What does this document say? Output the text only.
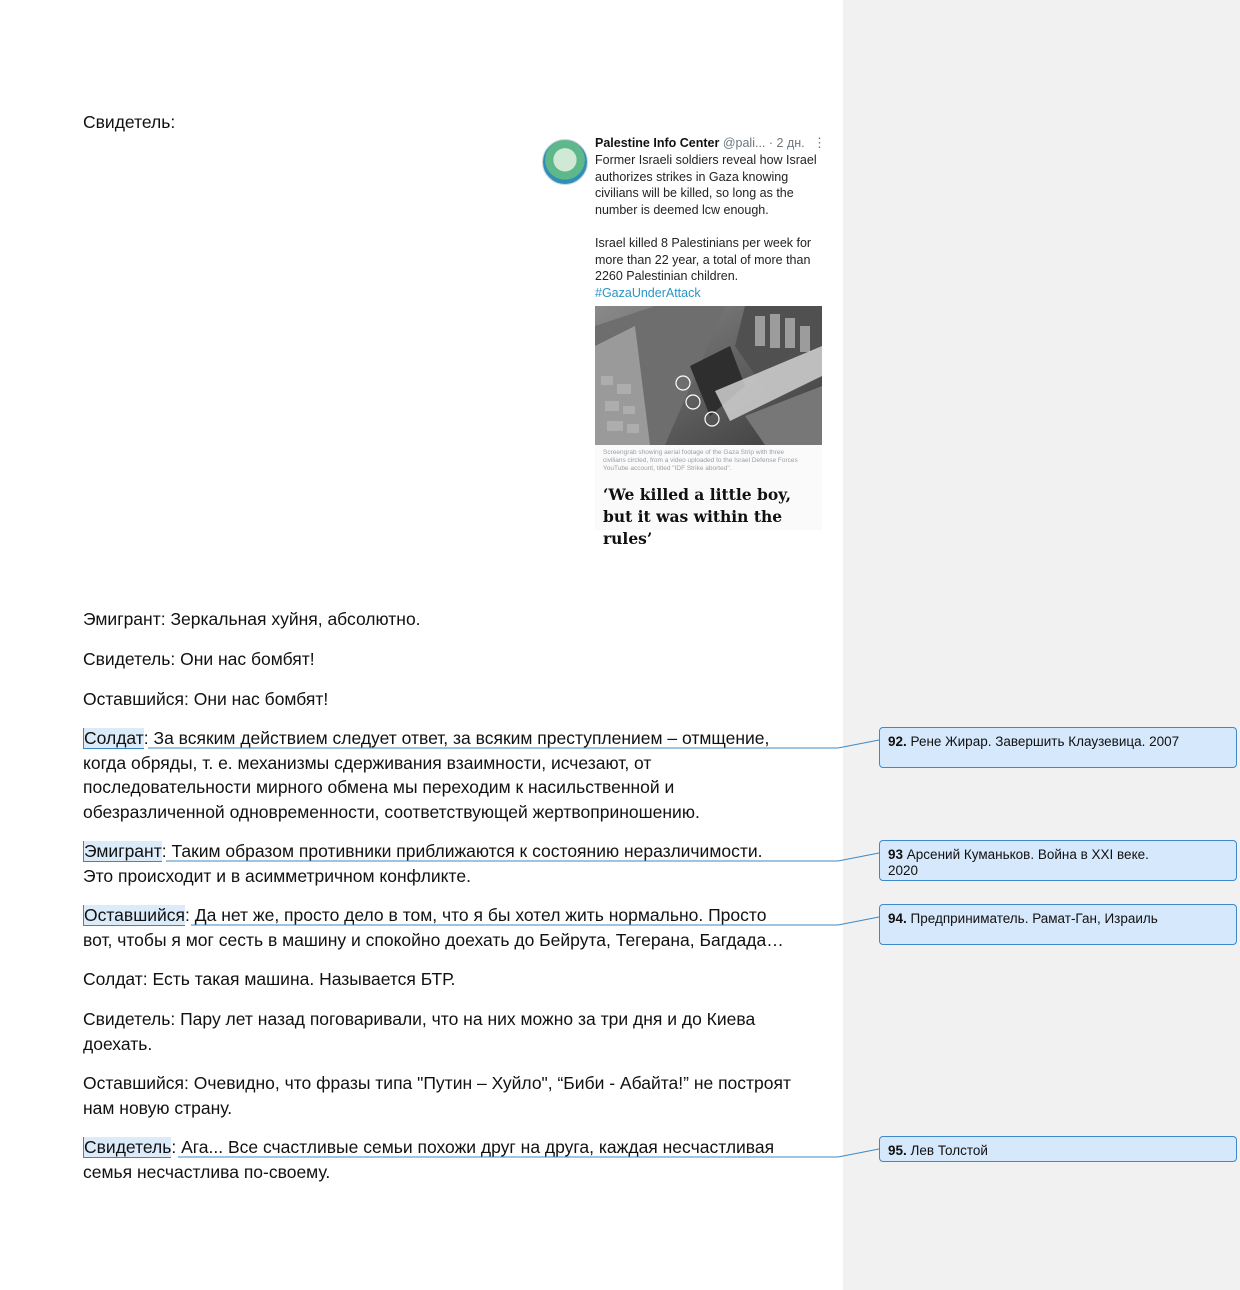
Свидетель:

Palestine Info Center @pali... · 2 дн. ⋮

Former Israeli soldiers reveal how Israel authorizes strikes in Gaza knowing civilians will be killed, so long as the number is deemed lcw enough.

Israel killed 8 Palestinians per week for more than 22 year, a total of more than 2260 Palestinian children.

#GazaUnderAttack

Screengrab showing aerial footage of the Gaza Strip with three civilians circled, from a video uploaded to the Israel Defense Forces YouTube account, titled "IDF Strike aborted".
‘We killed a little boy, but it was within the rules’

Эмигрант: Зеркальная хуйня, абсолютно.

Свидетель: Они нас бомбят!

Оставшийся: Они нас бомбят!

Солдат: За всяким действием следует ответ, за всяким преступлением – отмщение,
когда обряды, т. е. механизмы сдерживания взаимности, исчезают, от
последовательности мирного обмена мы переходим к насильственной и
обезразличенной одновременности, соответствующей жертвоприношению.

Эмигрант: Таким образом противники приближаются к состоянию неразличимости.
Это происходит и в асимметричном конфликте.

Оставшийся: Да нет же, просто дело в том, что я бы хотел жить нормально. Просто
вот, чтобы я мог сесть в машину и спокойно доехать до Бейрута, Тегерана, Багдада…

Солдат: Есть такая машина. Называется БТР.

Свидетель: Пару лет назад поговаривали, что на них можно за три дня и до Киева
доехать.

Оставшийся: Очевидно, что фразы типа "Путин – Хуйло", “Биби - Абайта!” не построят
нам новую страну.

Свидетель: Ага... Все счастливые семьи похожи друг на друга, каждая несчастливая
семья несчастлива по-своему.

92. Рене Жирар. Завершить Клаузевица. 2007
93 Арсений Куманьков. Война в XXI веке.
2020
94. Предприниматель. Рамат-Ган, Израиль
95. Лев Толстой
